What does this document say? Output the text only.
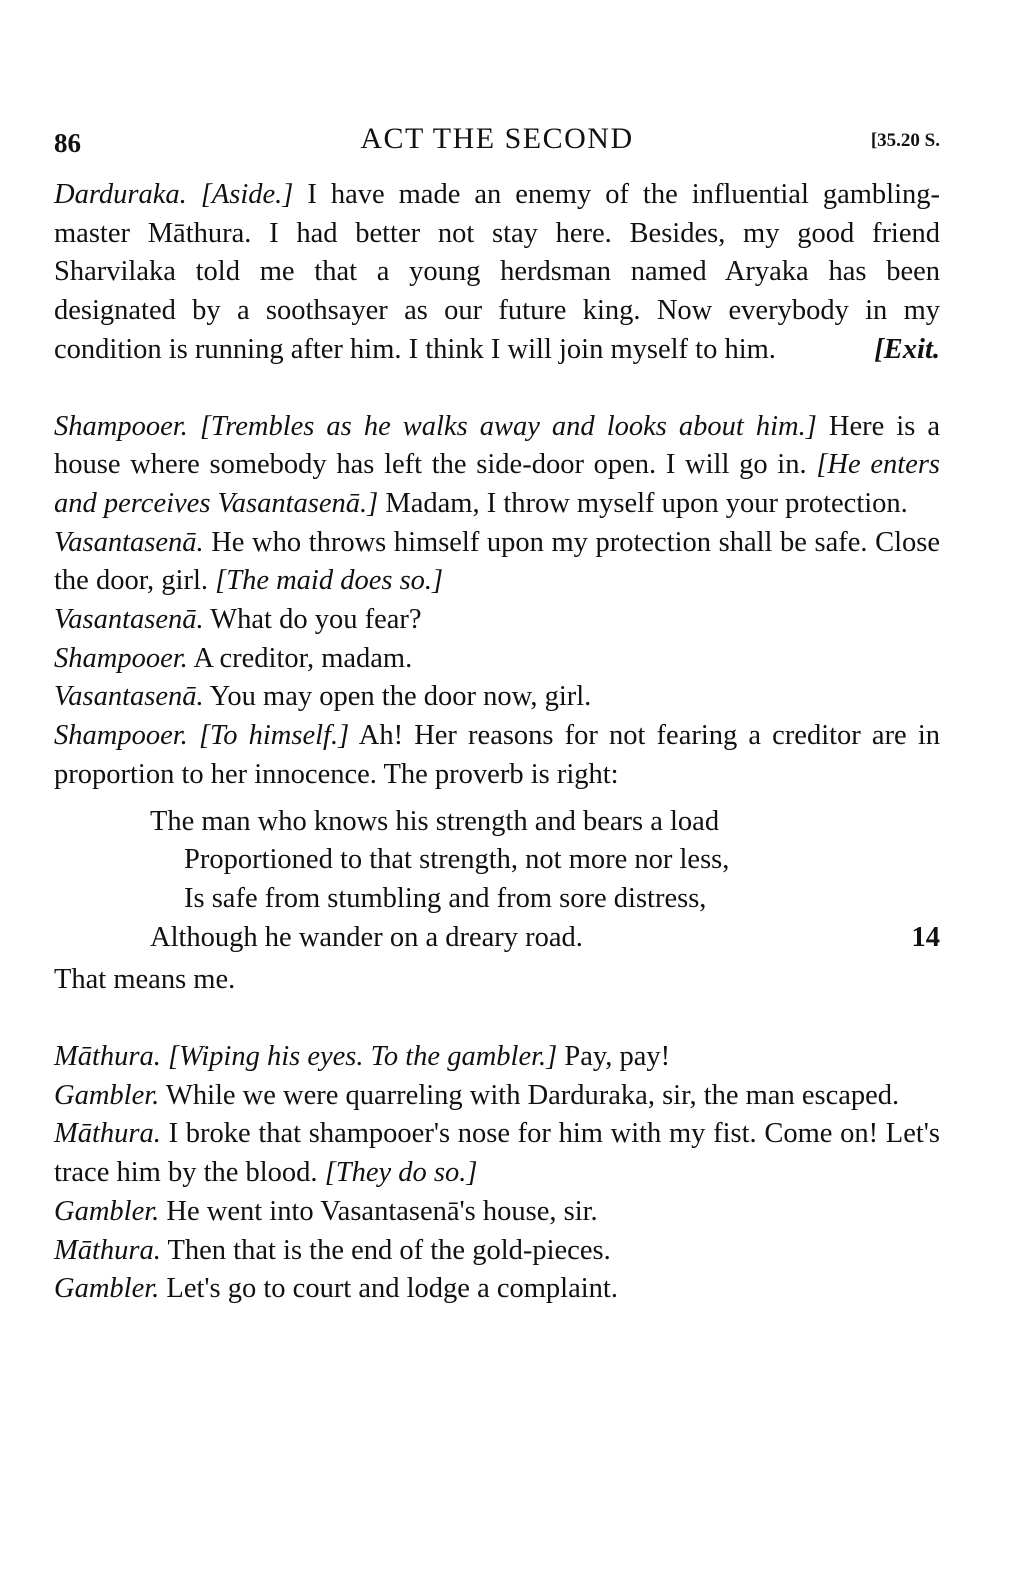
86	ACT THE SECOND	[35.20 S.

Darduraka. [Aside.] I have made an enemy of the influential gambling-master Māthura. I had better not stay here. Besides, my good friend Sharvilaka told me that a young herdsman named Aryaka has been designated by a soothsayer as our future king. Now everybody in my condition is running after him. I think I will join myself to him.	[Exit.

Shampooer. [Trembles as he walks away and looks about him.] Here is a house where somebody has left the side-door open. I will go in. [He enters and perceives Vasantasenā.] Madam, I throw myself upon your protection.

Vasantasenā. He who throws himself upon my protection shall be safe. Close the door, girl. [The maid does so.]

Vasantasenā. What do you fear?

Shampooer. A creditor, madam.

Vasantasenā. You may open the door now, girl.

Shampooer. [To himself.] Ah! Her reasons for not fearing a creditor are in proportion to her innocence. The proverb is right:

The man who knows his strength and bears a load
Proportioned to that strength, not more nor less,
Is safe from stumbling and from sore distress,
Although he wander on a dreary road.	14

That means me.

Māthura. [Wiping his eyes. To the gambler.] Pay, pay!

Gambler. While we were quarreling with Darduraka, sir, the man escaped.

Māthura. I broke that shampooer's nose for him with my fist. Come on! Let's trace him by the blood. [They do so.]

Gambler. He went into Vasantasenā's house, sir.

Māthura. Then that is the end of the gold-pieces.

Gambler. Let's go to court and lodge a complaint.
